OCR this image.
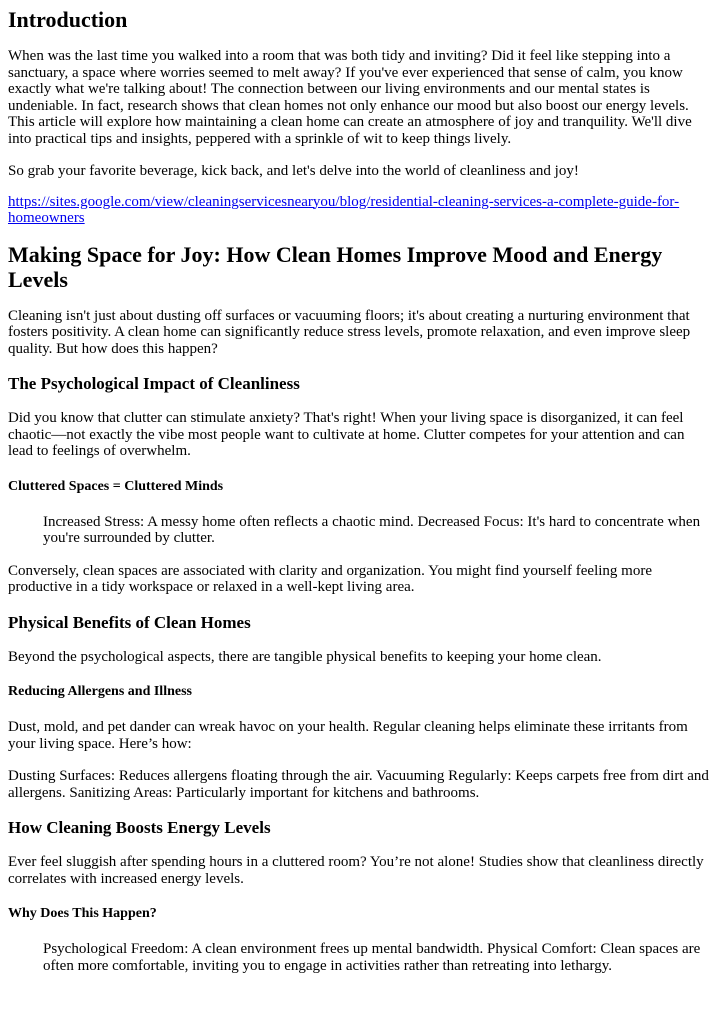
Introduction

When was the last time you walked into a room that was both tidy and inviting? Did it feel like stepping into a sanctuary, a space where worries seemed to melt away? If you've ever experienced that sense of calm, you know exactly what we're talking about! The connection between our living environments and our mental states is undeniable. In fact, research shows that clean homes not only enhance our mood but also boost our energy levels. This article will explore how maintaining a clean home can create an atmosphere of joy and tranquility. We'll dive into practical tips and insights, peppered with a sprinkle of wit to keep things lively.

So grab your favorite beverage, kick back, and let's delve into the world of cleanliness and joy!

https://sites.google.com/view/cleaningservicesnearyou/blog/residential-cleaning-services-a-complete-guide-for-homeowners

Making Space for Joy: How Clean Homes Improve Mood and Energy Levels

Cleaning isn't just about dusting off surfaces or vacuuming floors; it's about creating a nurturing environment that fosters positivity. A clean home can significantly reduce stress levels, promote relaxation, and even improve sleep quality. But how does this happen?

The Psychological Impact of Cleanliness

Did you know that clutter can stimulate anxiety? That's right! When your living space is disorganized, it can feel chaotic—not exactly the vibe most people want to cultivate at home. Clutter competes for your attention and can lead to feelings of overwhelm.

Cluttered Spaces = Cluttered Minds

Increased Stress: A messy home often reflects a chaotic mind. Decreased Focus: It's hard to concentrate when you're surrounded by clutter.

Conversely, clean spaces are associated with clarity and organization. You might find yourself feeling more productive in a tidy workspace or relaxed in a well-kept living area.

Physical Benefits of Clean Homes

Beyond the psychological aspects, there are tangible physical benefits to keeping your home clean.

Reducing Allergens and Illness

Dust, mold, and pet dander can wreak havoc on your health. Regular cleaning helps eliminate these irritants from your living space. Here’s how:

Dusting Surfaces: Reduces allergens floating through the air. Vacuuming Regularly: Keeps carpets free from dirt and allergens. Sanitizing Areas: Particularly important for kitchens and bathrooms.

How Cleaning Boosts Energy Levels

Ever feel sluggish after spending hours in a cluttered room? You’re not alone! Studies show that cleanliness directly correlates with increased energy levels.

Why Does This Happen?

Psychological Freedom: A clean environment frees up mental bandwidth. Physical Comfort: Clean spaces are often more comfortable, inviting you to engage in activities rather than retreating into lethargy.
